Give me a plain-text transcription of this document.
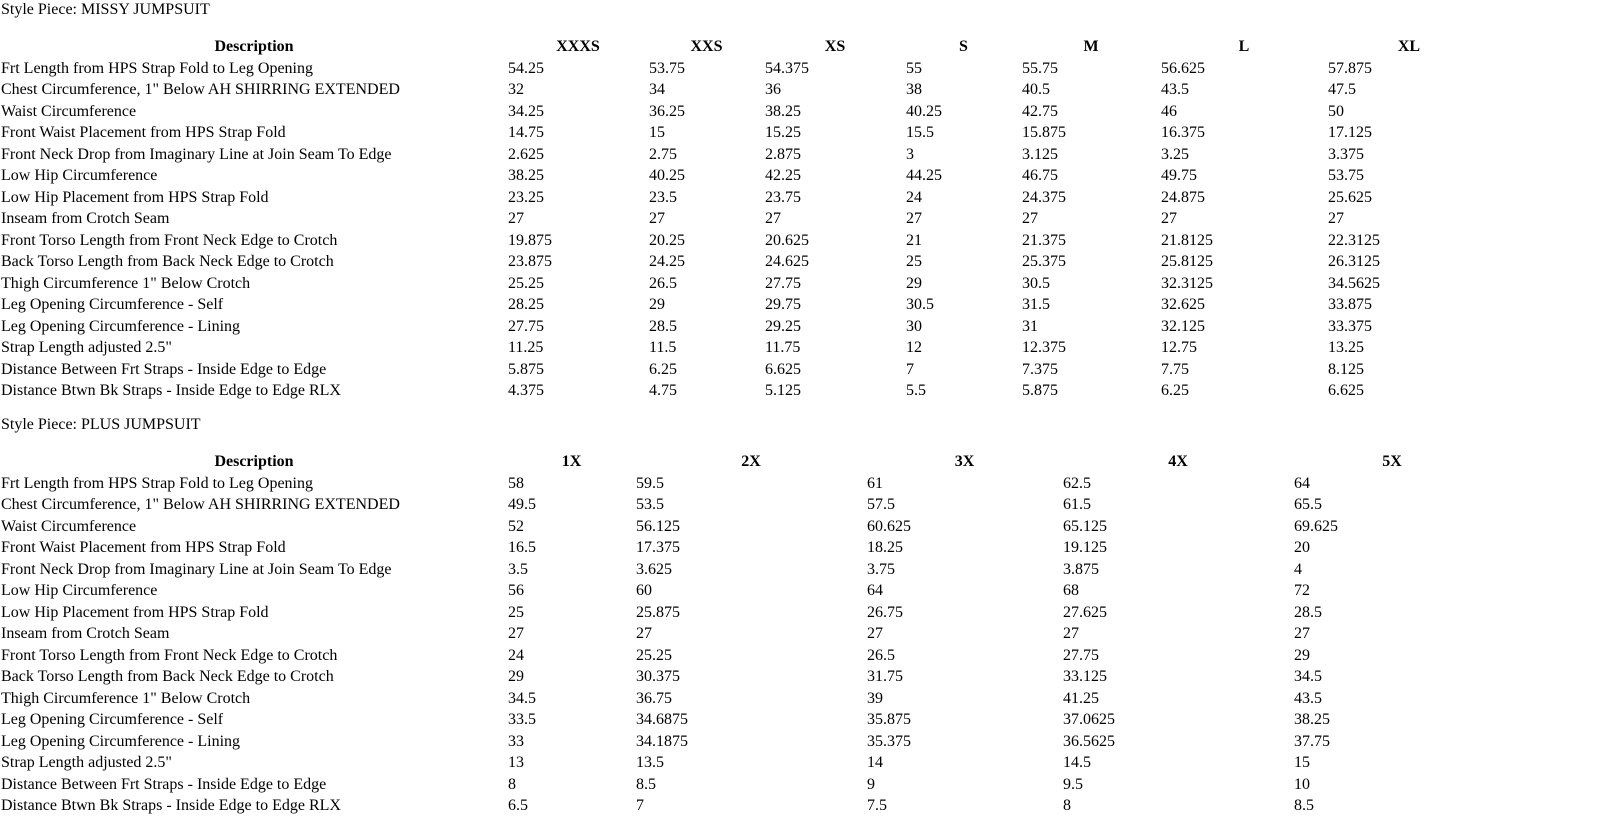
Style Piece: MISSY JUMPSUIT
Description	XXXS	XXS	XS	S	M	L	XL
Frt Length from HPS Strap Fold to Leg Opening	54.25	53.75	54.375	55	55.75	56.625	57.875
Chest Circumference, 1" Below AH SHIRRING EXTENDED	32	34	36	38	40.5	43.5	47.5
Waist Circumference	34.25	36.25	38.25	40.25	42.75	46	50
Front Waist Placement from HPS Strap Fold	14.75	15	15.25	15.5	15.875	16.375	17.125
Front Neck Drop from Imaginary Line at Join Seam To Edge	2.625	2.75	2.875	3	3.125	3.25	3.375
Low Hip Circumference	38.25	40.25	42.25	44.25	46.75	49.75	53.75
Low Hip Placement from HPS Strap Fold	23.25	23.5	23.75	24	24.375	24.875	25.625
Inseam from Crotch Seam	27	27	27	27	27	27	27
Front Torso Length from Front Neck Edge to Crotch	19.875	20.25	20.625	21	21.375	21.8125	22.3125
Back Torso Length from Back Neck Edge to Crotch	23.875	24.25	24.625	25	25.375	25.8125	26.3125
Thigh Circumference 1" Below Crotch	25.25	26.5	27.75	29	30.5	32.3125	34.5625
Leg Opening Circumference - Self	28.25	29	29.75	30.5	31.5	32.625	33.875
Leg Opening Circumference - Lining	27.75	28.5	29.25	30	31	32.125	33.375
Strap Length adjusted 2.5"	11.25	11.5	11.75	12	12.375	12.75	13.25
Distance Between Frt Straps - Inside Edge to Edge	5.875	6.25	6.625	7	7.375	7.75	8.125
Distance Btwn Bk Straps - Inside Edge to Edge RLX	4.375	4.75	5.125	5.5	5.875	6.25	6.625
Style Piece: PLUS JUMPSUIT
Description	1X	2X	3X	4X	5X
Frt Length from HPS Strap Fold to Leg Opening	58	59.5	61	62.5	64
Chest Circumference, 1" Below AH SHIRRING EXTENDED	49.5	53.5	57.5	61.5	65.5
Waist Circumference	52	56.125	60.625	65.125	69.625
Front Waist Placement from HPS Strap Fold	16.5	17.375	18.25	19.125	20
Front Neck Drop from Imaginary Line at Join Seam To Edge	3.5	3.625	3.75	3.875	4
Low Hip Circumference	56	60	64	68	72
Low Hip Placement from HPS Strap Fold	25	25.875	26.75	27.625	28.5
Inseam from Crotch Seam	27	27	27	27	27
Front Torso Length from Front Neck Edge to Crotch	24	25.25	26.5	27.75	29
Back Torso Length from Back Neck Edge to Crotch	29	30.375	31.75	33.125	34.5
Thigh Circumference 1" Below Crotch	34.5	36.75	39	41.25	43.5
Leg Opening Circumference - Self	33.5	34.6875	35.875	37.0625	38.25
Leg Opening Circumference - Lining	33	34.1875	35.375	36.5625	37.75
Strap Length adjusted 2.5"	13	13.5	14	14.5	15
Distance Between Frt Straps - Inside Edge to Edge	8	8.5	9	9.5	10
Distance Btwn Bk Straps - Inside Edge to Edge RLX	6.5	7	7.5	8	8.5
